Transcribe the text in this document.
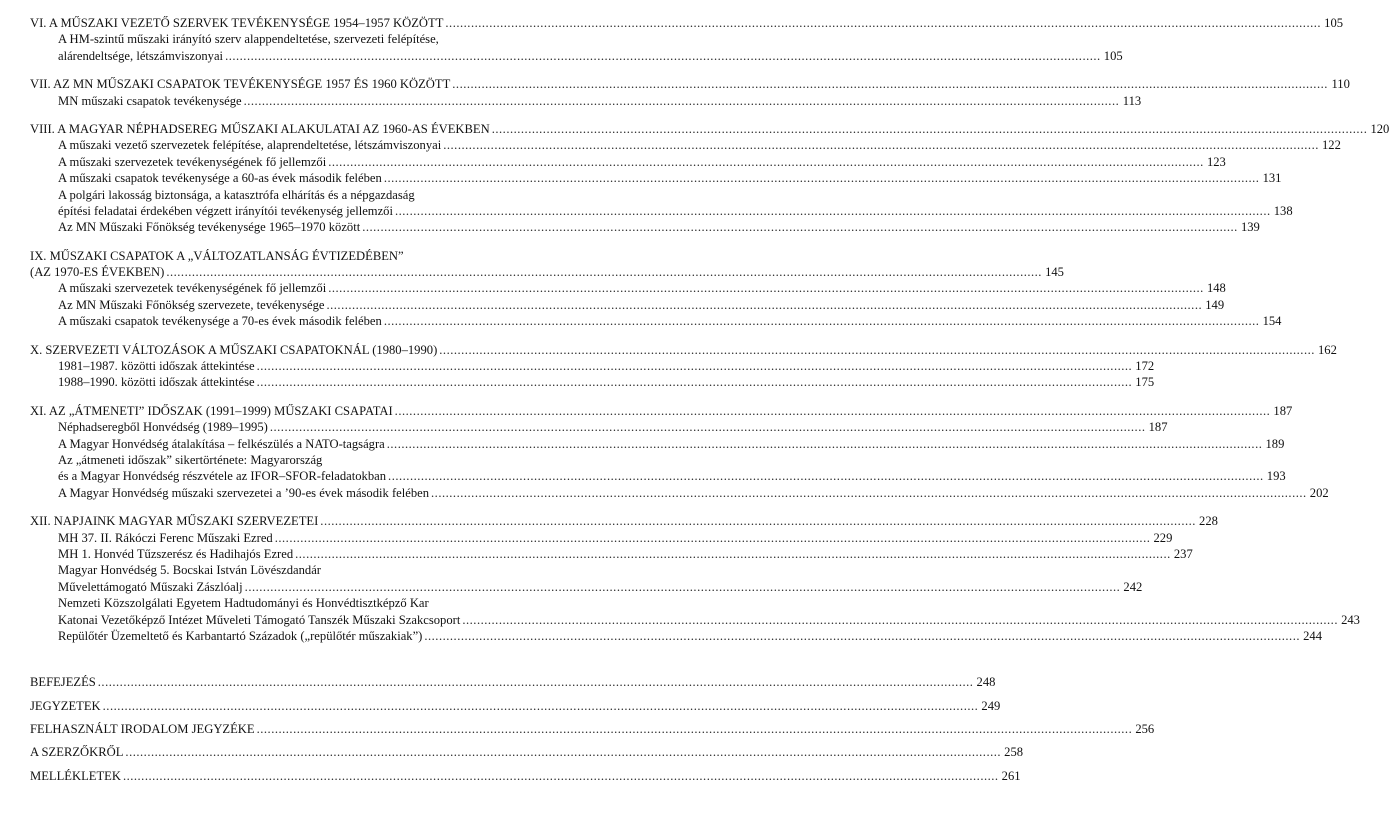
VI. A MŰSZAKI VEZETŐ SZERVEK TEVÉKENYSÉGE 1954–1957 KÖZÖTT .....	105
A HM-szintű műszaki irányító szerv alapрendeltetése, szervezeti felépítése,
alárendeltsége, létszámviszonyai .....	105
VII. AZ MN MŰSZAKI CSAPATOK TEVÉKENYSÉGE 1957 ÉS 1960 KÖZÖTT .....	110
MN műszaki csapatok tevékenysége .....	113
VIII. A MAGYAR NÉPHADSEREG MŰSZAKI ALAKULATAI AZ 1960-AS ÉVEKBEN .....	120
A műszaki vezető szervezetek felépítése, alaprendeltetése, létszámviszonyai .....	122
A műszaki szervezetek tevékenységének fő jellemzői .....	123
A műszaki csapatok tevékenysége a 60-as évek második felében .....	131
A polgári lakosság biztonsága, a katasztrófa elhárítás és a népgazdaság
építési feladatai érdekében végzett irányítói tevékenység jellemzői .....	138
Az MN Műszaki Főnökség tevékenysége 1965–1970 között .....	139
IX. MŰSZAKI CSAPATOK A „VÁLTOZATLANSÁG ÉVTIZEDÉBEN”
(AZ 1970-ES ÉVEKBEN) .....	145
A műszaki szervezetek tevékenységének fő jellemzői .....	148
Az MN Műszaki Főnökség szervezete, tevékenysége .....	149
A műszaki csapatok tevékenysége a 70-es évek második felében .....	154
X. SZERVEZETI VÁLTOZÁSOK A MŰSZAKI CSAPATOKNÁL (1980–1990) .....	162
1981–1987. közötti időszak áttekintése .....	172
1988–1990. közötti időszak áttekintése .....	175
XI. AZ „ÁTMENETI” IDŐSZAK (1991–1999) MŰSZAKI CSAPATAI .....	187
Néphadseregből Honvédség (1989–1995) .....	187
A Magyar Honvédség átalakítása – felkészülés a NATO-tagságra .....	189
Az „átmeneti időszak” sikertörténete: Magyarország
és a Magyar Honvédség részvétele az IFOR–SFOR-feladatokban .....	193
A Magyar Honvédség műszaki szervezetei a ’90-es évek második felében .....	202
XII. NAPJAINK MAGYAR MŰSZAKI SZERVEZETEI .....	228
MH 37. II. Rákóczi Ferenc Műszaki Ezred .....	229
MH 1. Honvéd Tűzszerész és Hadihajós Ezred .....	237
Magyar Honvédség 5. Bocskai István Lövészdandár
Művelettámogató Műszaki Zászlóalj .....	242
Nemzeti Közszolgálati Egyetem Hadtudományi és Honvédtisztképző Kar
Katonai Vezetőképző Intézet Műveleti Támogató Tanszék Műszaki Szakcsoport .....	243
Repülőtér Üzemeltető és Karbantartó Századok („repülőtér műszakiak”) .....	244
BEFEJEZÉS .....	248
JEGYZETEK .....	249
FELHASZNÁLT IRODALOM JEGYZÉKE .....	256
A SZERZŐKRŐL .....	258
MELLÉKLETEK .....	261
